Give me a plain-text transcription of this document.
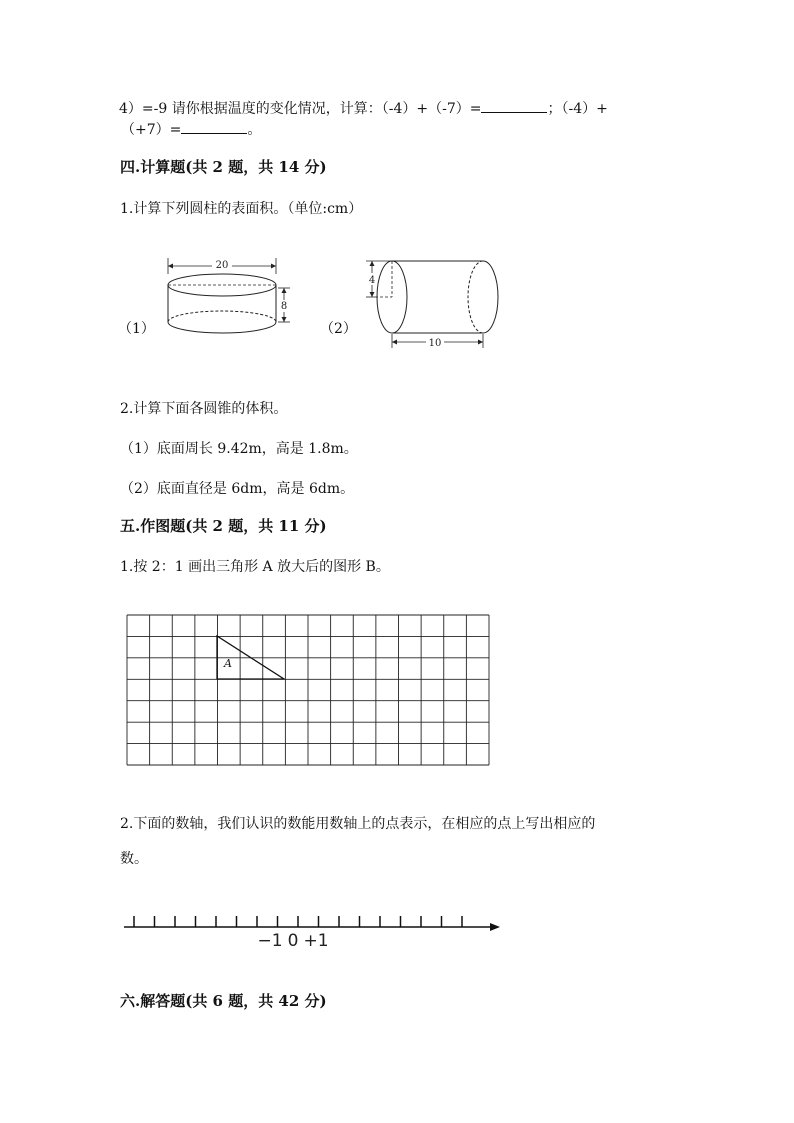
4）=-9 请你根据温度的变化情况，计算：（-4）+（-7）=	；（-4）+
（+7）=	。
四.计算题(共 2 题，共 14 分)
1.计算下列圆柱的表面积。（单位:cm）
（1）
20
8
（2）
4
10
2.计算下面各圆锥的体积。
（1）底面周长 9.42m，高是 1.8m。
（2）底面直径是 6dm，高是 6dm。
五.作图题(共 2 题，共 11 分)
1.按 2：1 画出三角形 A 放大后的图形 B。
A
2.下面的数轴，我们认识的数能用数轴上的点表示，在相应的点上写出相应的
数。
−1 0 +1
六.解答题(共 6 题，共 42 分)
